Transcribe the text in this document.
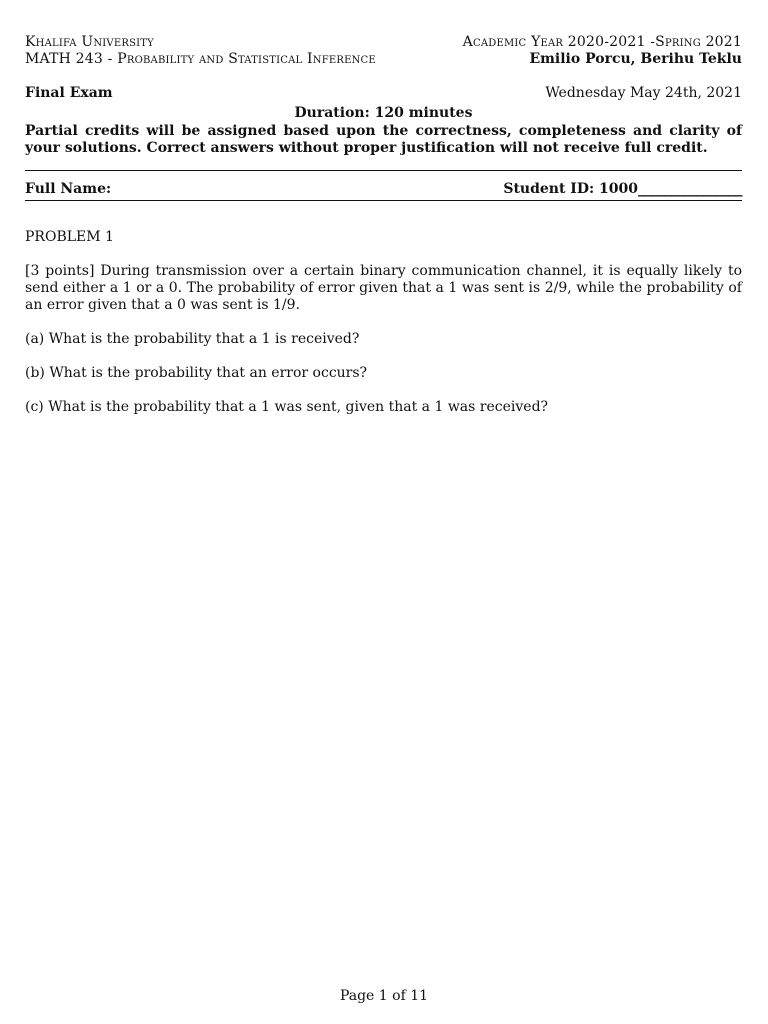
Khalifa University	Academic Year 2020-2021 -Spring 2021
MATH 243 - Probability and Statistical Inference	Emilio Porcu, Berihu Teklu
Final Exam	Wednesday May 24th, 2021
Duration: 120 minutes
Partial credits will be assigned based upon the correctness, completeness and clarity of your solutions. Correct answers without proper justification will not receive full credit.
Full Name:	Student ID: 1000________________
PROBLEM 1
[3 points] During transmission over a certain binary communication channel, it is equally likely to send either a 1 or a 0. The probability of error given that a 1 was sent is 2/9, while the probability of an error given that a 0 was sent is 1/9.
(a) What is the probability that a 1 is received?
(b) What is the probability that an error occurs?
(c) What is the probability that a 1 was sent, given that a 1 was received?
Page 1 of 11
